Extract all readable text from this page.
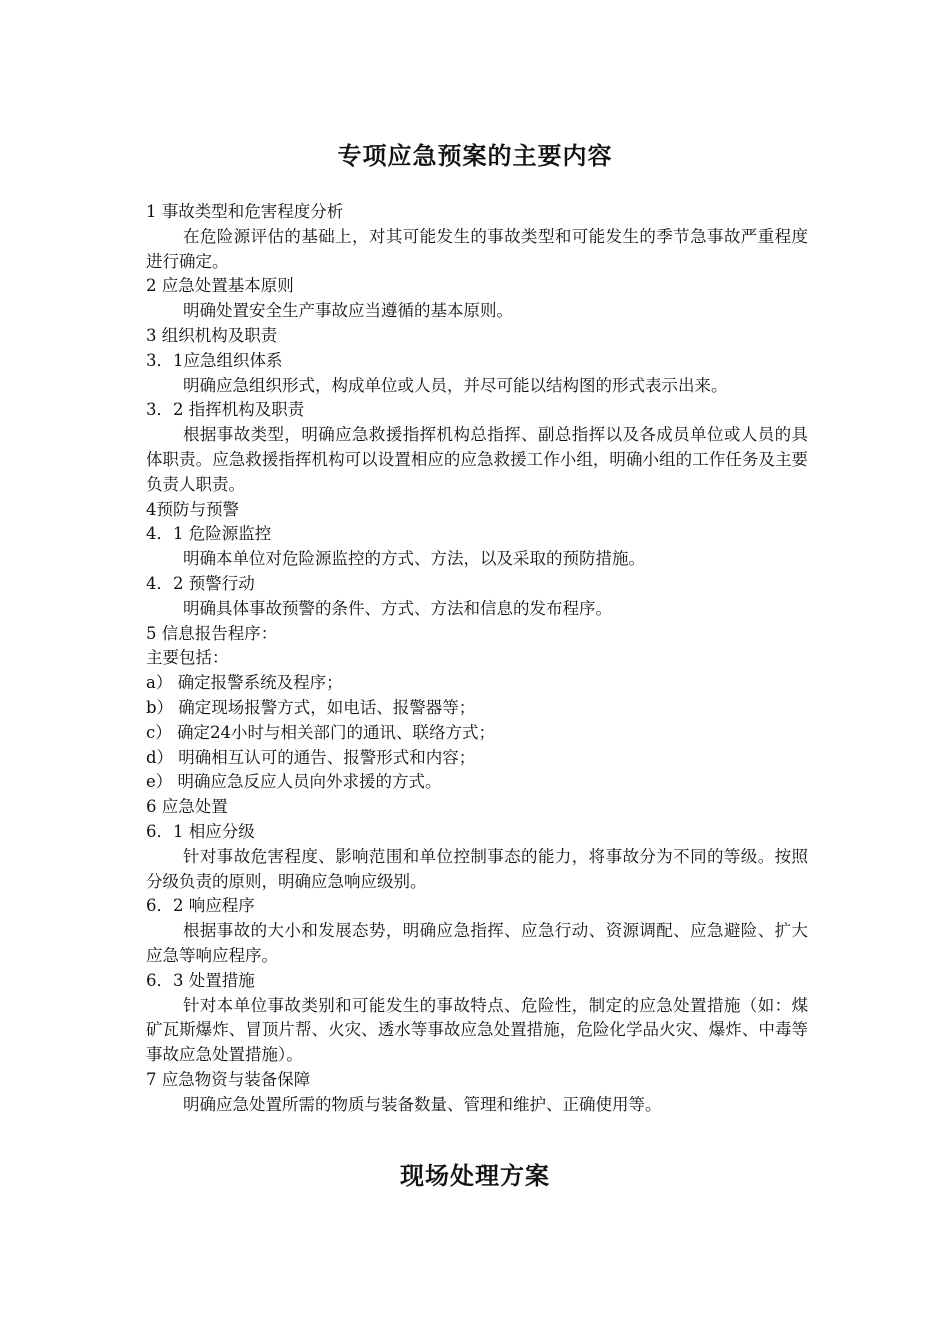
专项应急预案的主要内容

1 事故类型和危害程度分析

在危险源评估的基础上，对其可能发生的事故类型和可能发生的季节急事故严重程度进行确定。

2 应急处置基本原则

明确处置安全生产事故应当遵循的基本原则。

3 组织机构及职责

3．1应急组织体系

明确应急组织形式，构成单位或人员，并尽可能以结构图的形式表示出来。

3．2 指挥机构及职责

根据事故类型，明确应急救援指挥机构总指挥、副总指挥以及各成员单位或人员的具体职责。应急救援指挥机构可以设置相应的应急救援工作小组，明确小组的工作任务及主要负责人职责。

4预防与预警

4．1 危险源监控

明确本单位对危险源监控的方式、方法，以及采取的预防措施。

4．2 预警行动

明确具体事故预警的条件、方式、方法和信息的发布程序。

5 信息报告程序：

主要包括：

a） 确定报警系统及程序；

b） 确定现场报警方式，如电话、报警器等；

c） 确定24小时与相关部门的通讯、联络方式；

d） 明确相互认可的通告、报警形式和内容；

e） 明确应急反应人员向外求援的方式。

6 应急处置

6．1 相应分级

针对事故危害程度、影响范围和单位控制事态的能力，将事故分为不同的等级。按照分级负责的原则，明确应急响应级别。

6．2 响应程序

根据事故的大小和发展态势，明确应急指挥、应急行动、资源调配、应急避险、扩大应急等响应程序。

6．3 处置措施

针对本单位事故类别和可能发生的事故特点、危险性，制定的应急处置措施（如：煤矿瓦斯爆炸、冒顶片帮、火灾、透水等事故应急处置措施，危险化学品火灾、爆炸、中毒等事故应急处置措施）。

7 应急物资与装备保障

明确应急处置所需的物质与装备数量、管理和维护、正确使用等。

现场处理方案
